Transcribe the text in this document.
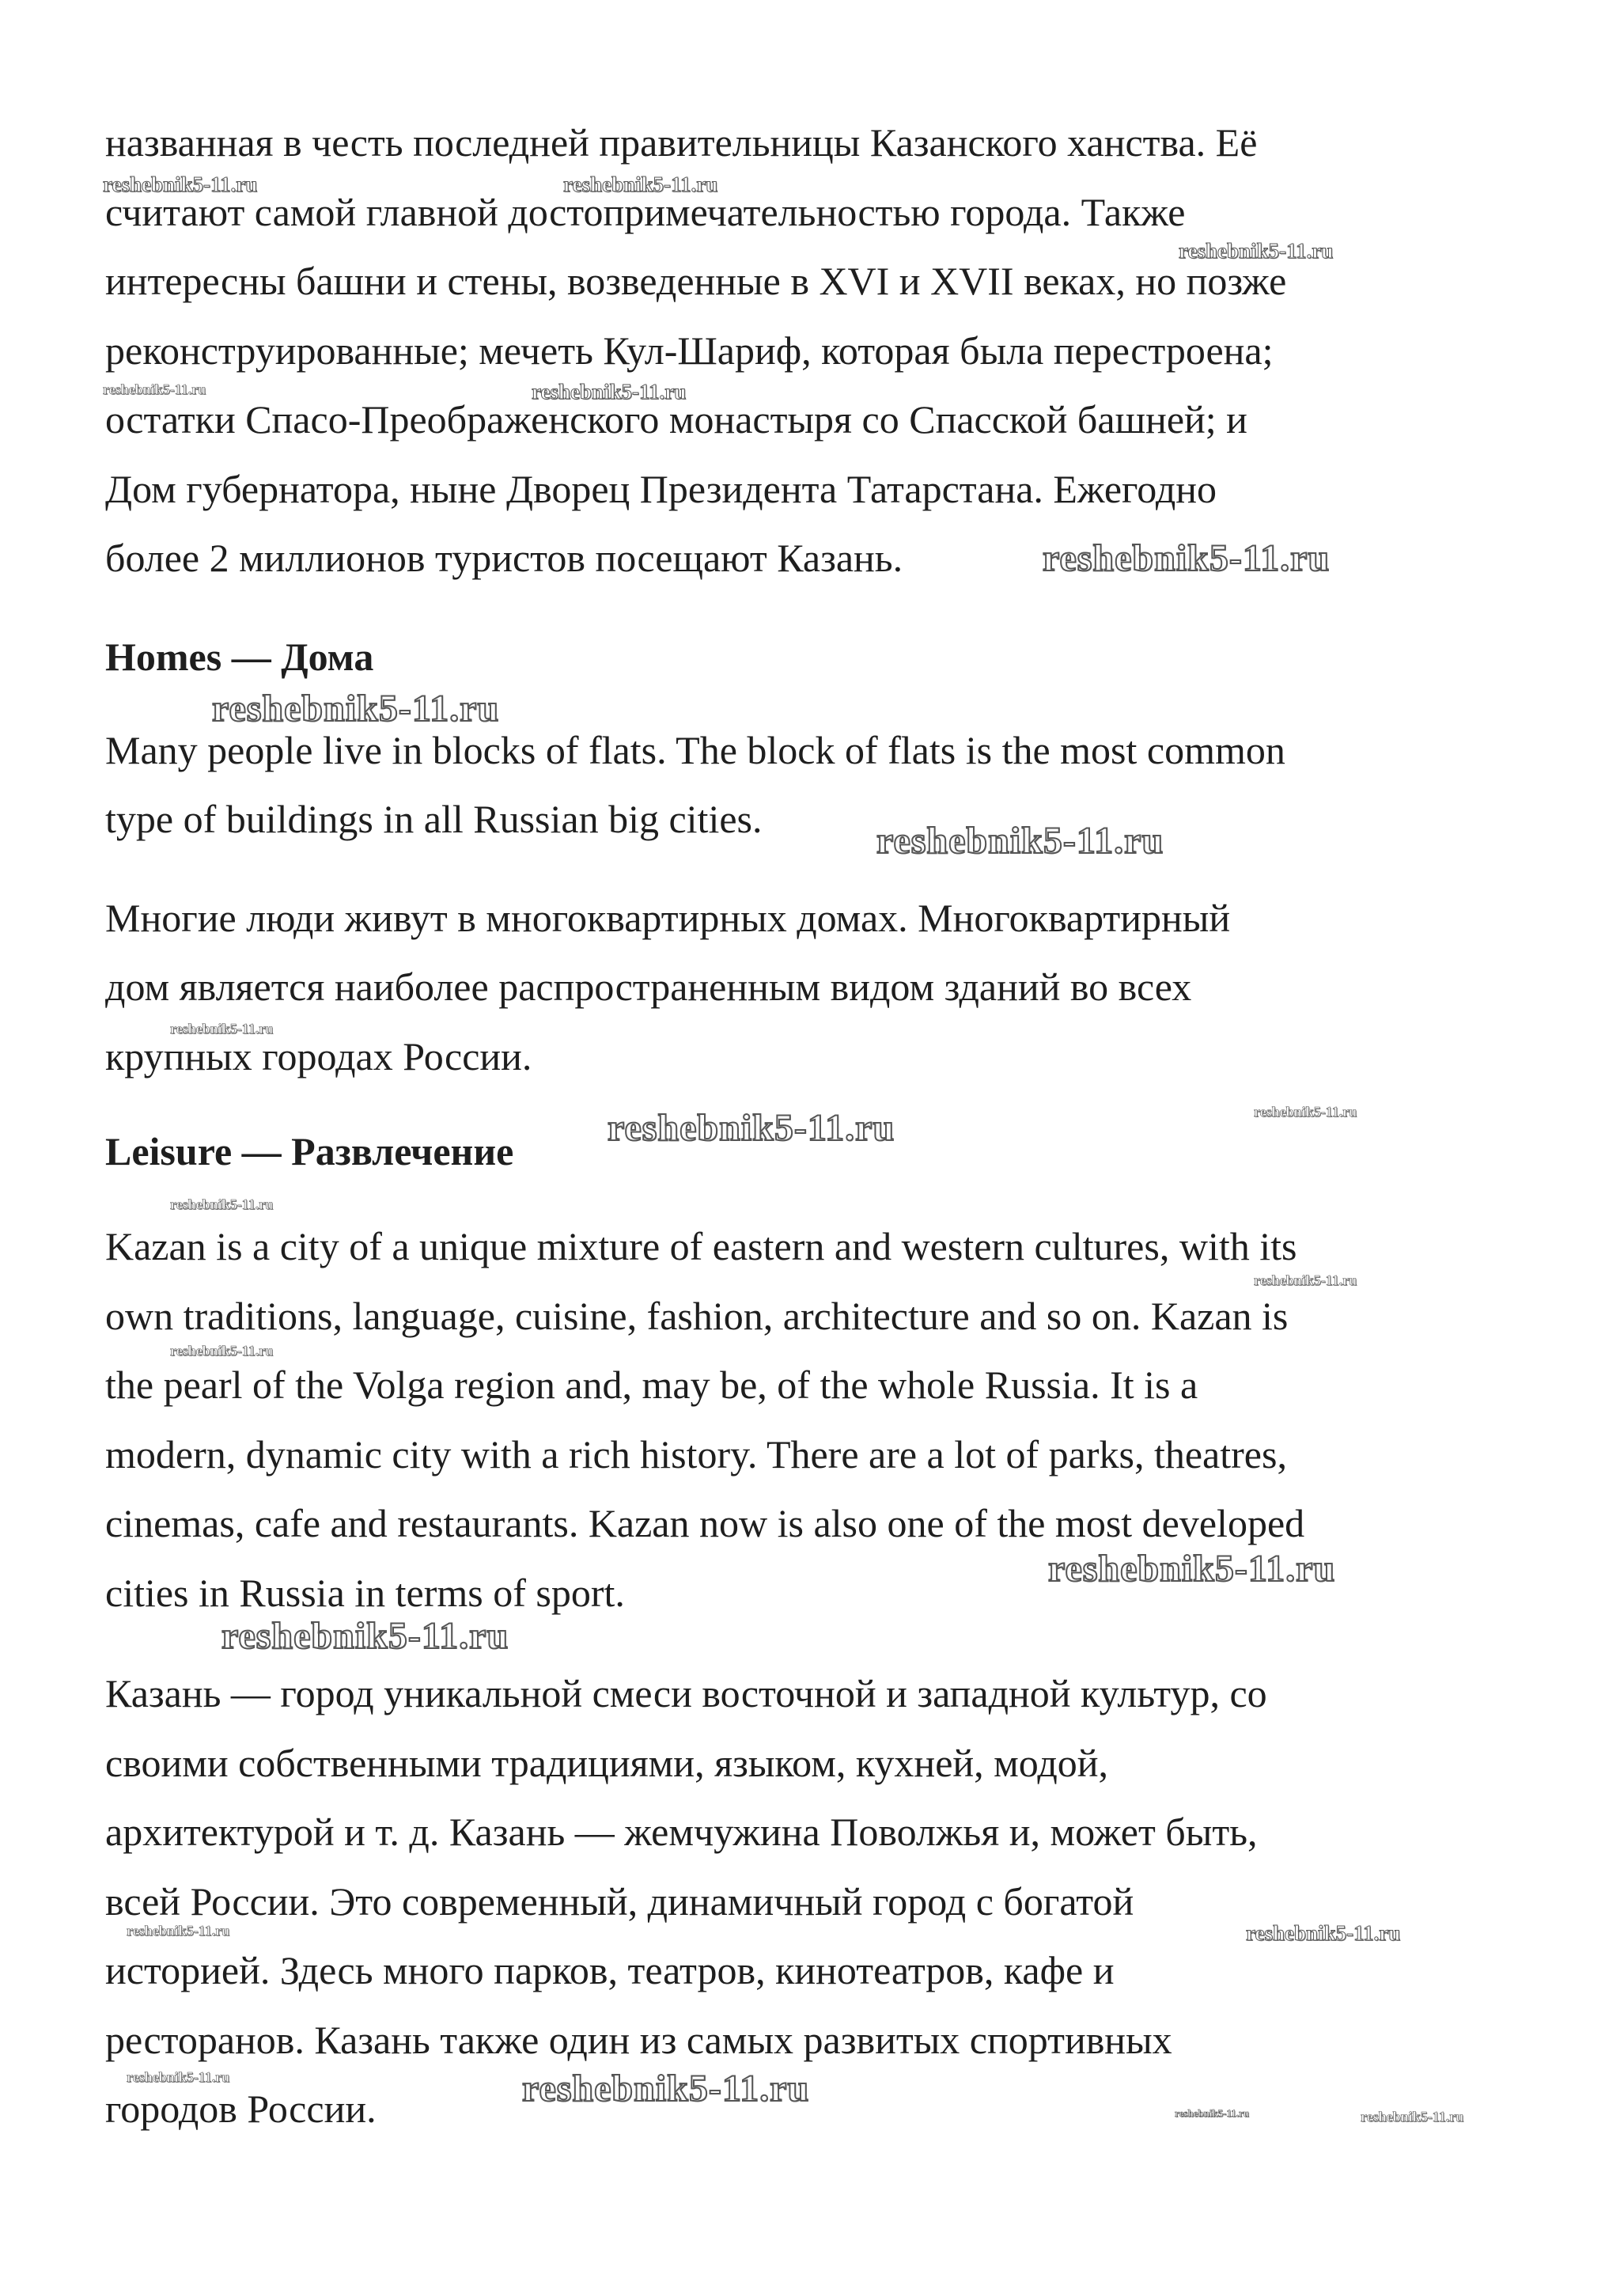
названная в честь последней правительницы Казанского ханства. Её
считают самой главной достопримечательностью города. Также
интересны башни и стены, возведенные в XVI и XVII веках, но позже
реконструированные; мечеть Кул-Шариф, которая была перестроена;
остатки Спасо-Преображенского монастыря со Спасской башней; и
Дом губернатора, ныне Дворец Президента Татарстана. Ежегодно
более 2 миллионов туристов посещают Казань.
Homes — Дома
Many people live in blocks of flats. The block of flats is the most common
type of buildings in all Russian big cities.
Многие люди живут в многоквартирных домах. Многоквартирный
дом является наиболее распространенным видом зданий во всех
крупных городах России.
Leisure — Развлечение
Kazan is a city of a unique mixture of eastern and western cultures, with its
own traditions, language, cuisine, fashion, architecture and so on. Kazan is
the pearl of the Volga region and, may be, of the whole Russia. It is a
modern, dynamic city with a rich history. There are a lot of parks, theatres,
cinemas, cafe and restaurants. Kazan now is also one of the most developed
cities in Russia in terms of sport.
Казань — город уникальной смеси восточной и западной культур, со
своими собственными традициями, языком, кухней, модой,
архитектурой и т. д. Казань — жемчужина Поволжья и, может быть,
всей России. Это современный, динамичный город с богатой
историей. Здесь много парков, театров, кинотеатров, кафе и
ресторанов. Казань также один из самых развитых спортивных
городов России.
reshebnik5-11.ru	reshebnik5-11.ru
reshebnik5-11.ru
reshebnik5-11.ru	reshebnik5-11.ru
reshebnik5-11.ru
reshebnik5-11.ru
reshebnik5-11.ru
reshebnik5-11.ru
reshebnik5-11.ru	reshebnik5-11.ru
reshebnik5-11.ru
reshebnik5-11.ru
reshebnik5-11.ru
reshebnik5-11.ru
reshebnik5-11.ru
reshebnik5-11.ru	reshebnik5-11.ru
reshebnik5-11.ru	reshebnik5-11.ru
reshebnik5-11.ru	reshebnik5-11.ru
